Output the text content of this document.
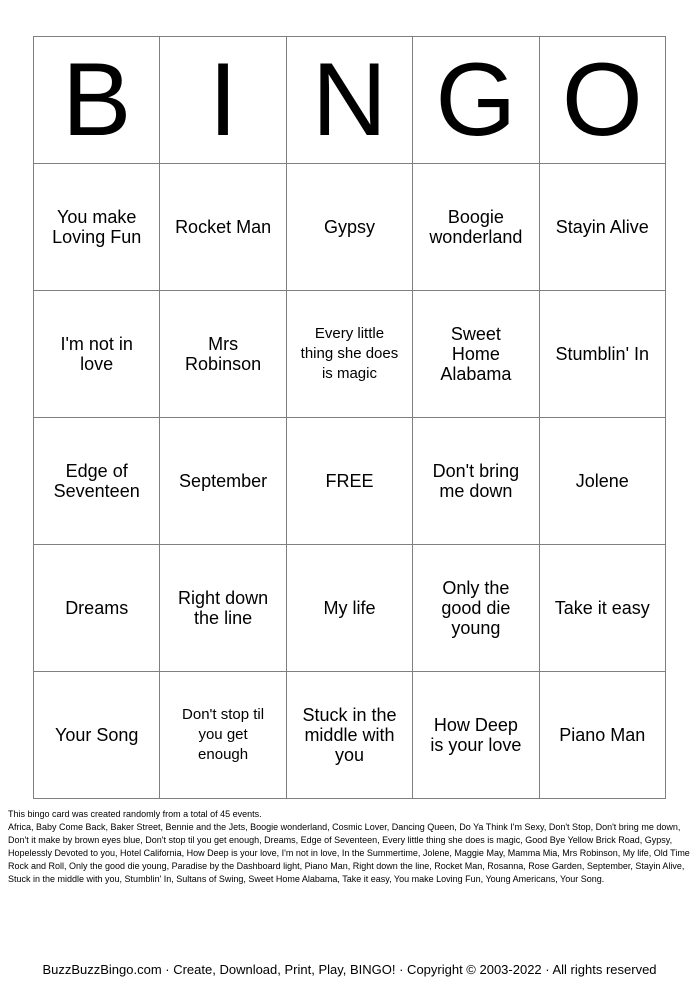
B	I	N	G	O

You make Loving Fun	Rocket Man	Gypsy	Boogie wonderland	Stayin Alive
I'm not in love	Mrs Robinson	Every little thing she does is magic	Sweet Home Alabama	Stumblin' In
Edge of Seventeen	September	FREE	Don't bring me down	Jolene
Dreams	Right down the line	My life	Only the good die young	Take it easy
Your Song	Don't stop til you get enough	Stuck in the middle with you	How Deep is your love	Piano Man
This bingo card was created randomly from a total of 45 events.
Africa, Baby Come Back, Baker Street, Bennie and the Jets, Boogie wonderland, Cosmic Lover, Dancing Queen, Do Ya Think I'm Sexy, Don't Stop, Don't bring me down, Don't it make by brown eyes blue, Don't stop til you get enough, Dreams, Edge of Seventeen, Every little thing she does is magic, Good Bye Yellow Brick Road, Gypsy, Hopelessly Devoted to you, Hotel California, How Deep is your love, I'm not in love, In the Summertime, Jolene, Maggie May, Mamma Mia, Mrs Robinson, My life, Old Time Rock and Roll, Only the good die young, Paradise by the Dashboard light, Piano Man, Right down the line, Rocket Man, Rosanna, Rose Garden, September, Stayin Alive, Stuck in the middle with you, Stumblin' In, Sultans of Swing, Sweet Home Alabama, Take it easy, You make Loving Fun, Young Americans, Your Song.
BuzzBuzzBingo.com · Create, Download, Print, Play, BINGO! · Copyright © 2003-2022 · All rights reserved
